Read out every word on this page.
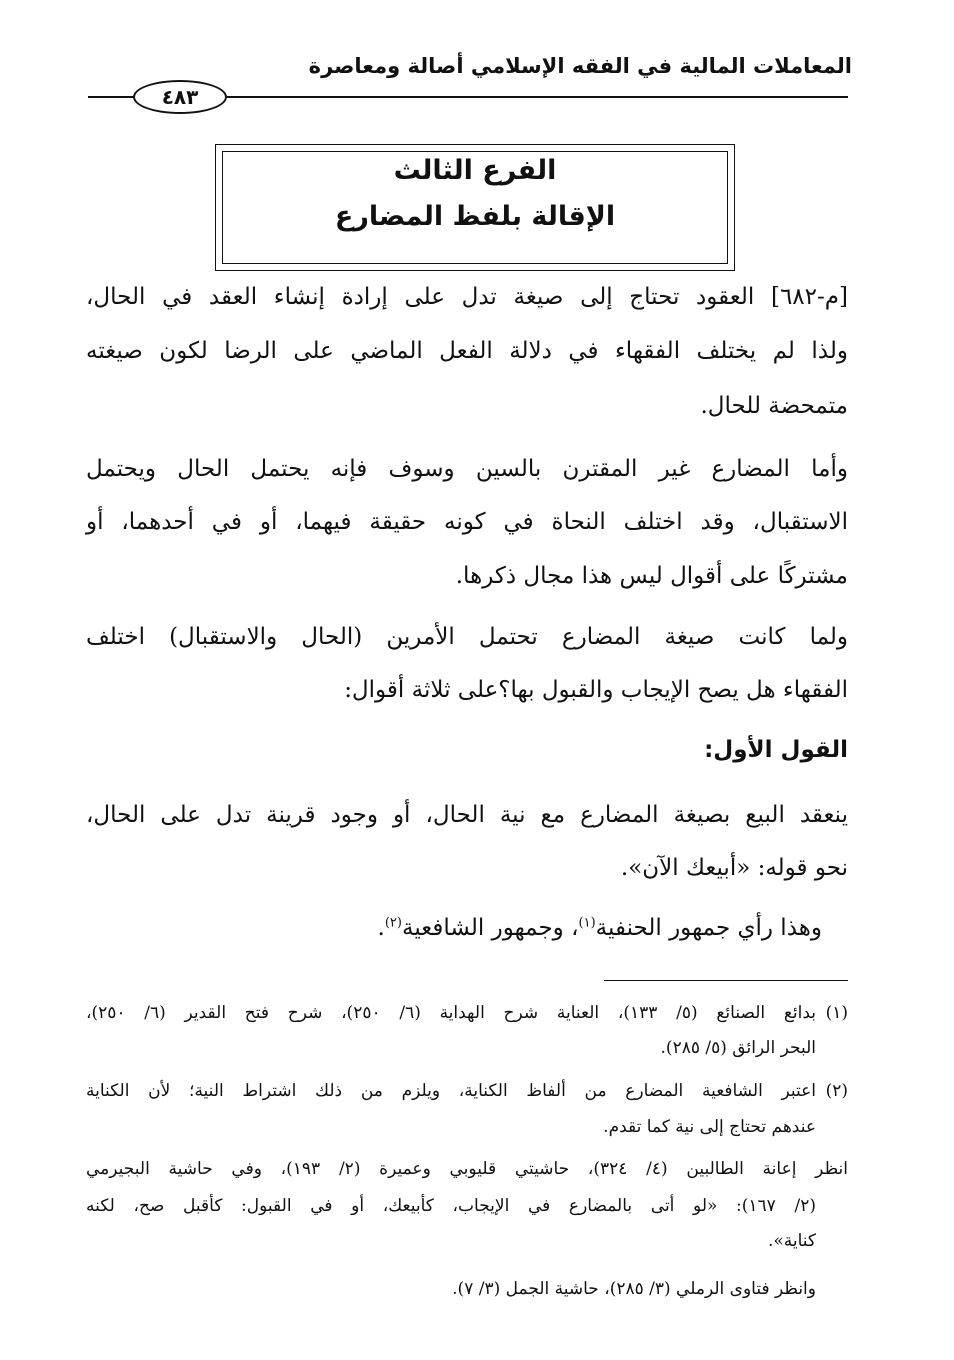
المعاملات المالية في الفقه الإسلامي أصالة ومعاصرة
٤٨٣
الفرع الثالث
الإقالة بلفظ المضارع
[م-٦٨٢] العقود تحتاج إلى صيغة تدل على إرادة إنشاء العقد في الحال،
ولذا لم يختلف الفقهاء في دلالة الفعل الماضي على الرضا لكون صيغته
متمحضة للحال.
وأما المضارع غير المقترن بالسين وسوف فإنه يحتمل الحال ويحتمل
الاستقبال، وقد اختلف النحاة في كونه حقيقة فيهما، أو في أحدهما، أو
مشتركًا على أقوال ليس هذا مجال ذكرها.
ولما كانت صيغة المضارع تحتمل الأمرين (الحال والاستقبال) اختلف
الفقهاء هل يصح الإيجاب والقبول بها؟على ثلاثة أقوال:
القول الأول:
ينعقد البيع بصيغة المضارع مع نية الحال، أو وجود قرينة تدل على الحال،
نحو قوله: «أبيعك الآن».
وهذا رأي جمهور الحنفية$^{(١)}$، وجمهور الشافعية$^{(٢)}$.
(١)
بدائع الصنائع (٥/ ١٣٣)، العناية شرح الهداية (٦/ ٢٥٠)، شرح فتح القدير (٦/ ٢٥٠)،
البحر الرائق (٥/ ٢٨٥).
(٢)
اعتبر الشافعية المضارع من ألفاظ الكناية، ويلزم من ذلك اشتراط النية؛ لأن الكناية
عندهم تحتاج إلى نية كما تقدم.
انظر إعانة الطالبين (٤/ ٣٢٤)، حاشيتي قليوبي وعميرة (٢/ ١٩٣)، وفي حاشية البجيرمي
(٢/ ١٦٧): «لو أتى بالمضارع في الإيجاب، كأبيعك، أو في القبول: كأقبل صح، لكنه
كناية».
وانظر فتاوى الرملي (٣/ ٢٨٥)، حاشية الجمل (٣/ ٧).
